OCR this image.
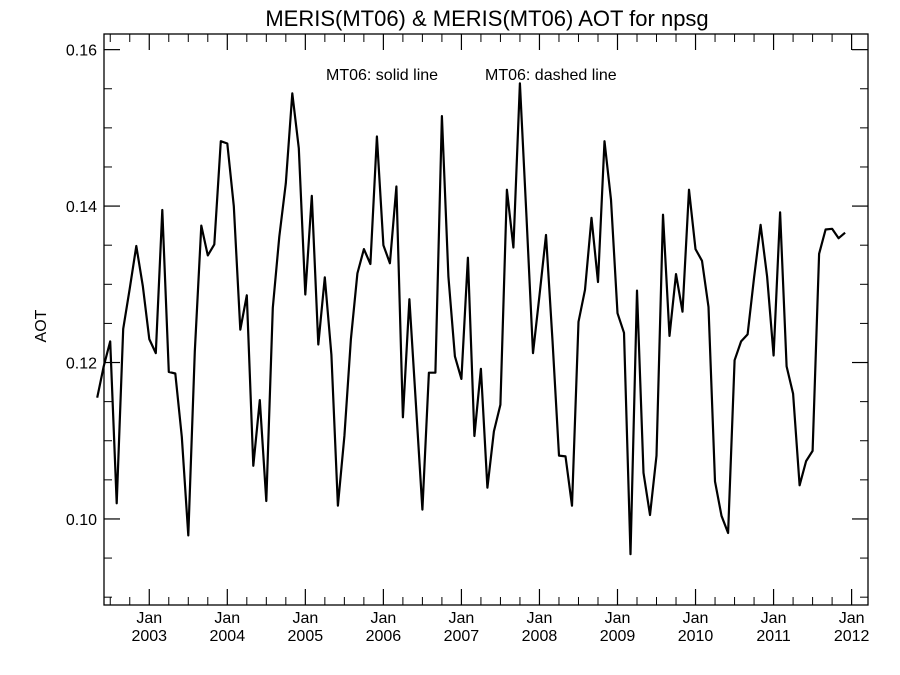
MERIS(MT06) & MERIS(MT06) AOT for npsg
MT06: solid line	MT06: dashed line
AOT
0.10
0.12
0.14
0.16
Jan
2003
Jan
2004
Jan
2005
Jan
2006
Jan
2007
Jan
2008
Jan
2009
Jan
2010
Jan
2011
Jan
2012
